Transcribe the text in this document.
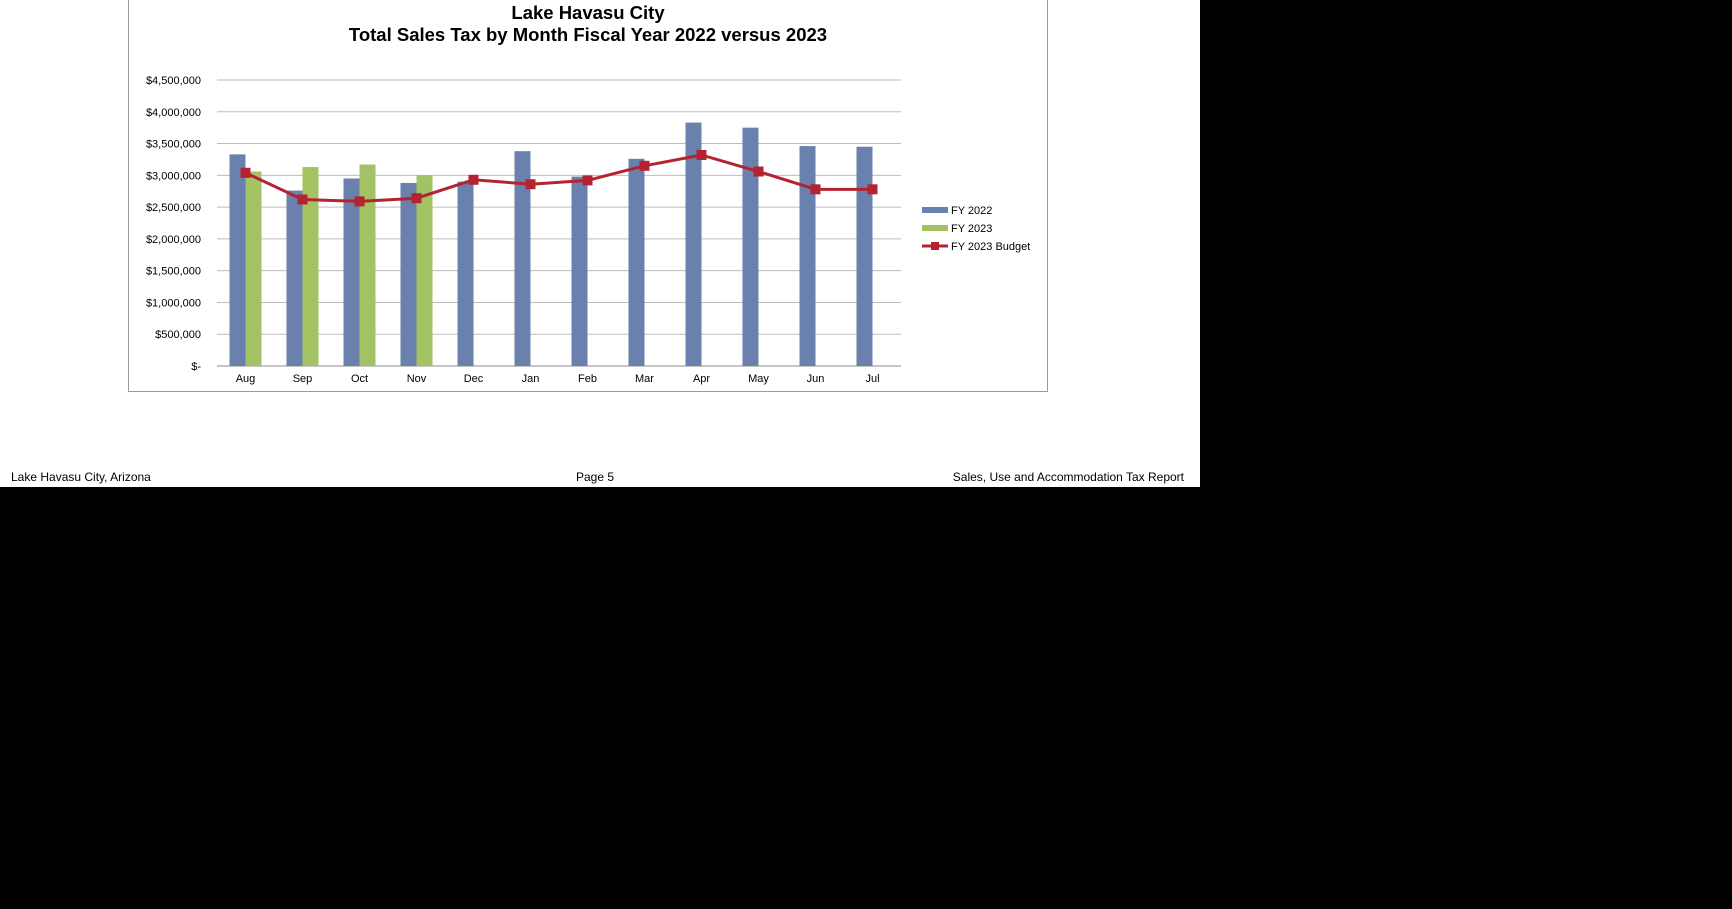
Lake Havasu City
Total Sales Tax by Month Fiscal Year 2022 versus 2023
$-
$500,000
$1,000,000
$1,500,000
$2,000,000
$2,500,000
$3,000,000
$3,500,000
$4,000,000
$4,500,000
Aug	Sep	Oct	Nov	Dec	Jan	Feb	Mar	Apr	May	Jun	Jul
FY 2022
FY 2023
FY 2023 Budget
Lake Havasu City, Arizona	Page 5	Sales, Use and Accommodation Tax Report
